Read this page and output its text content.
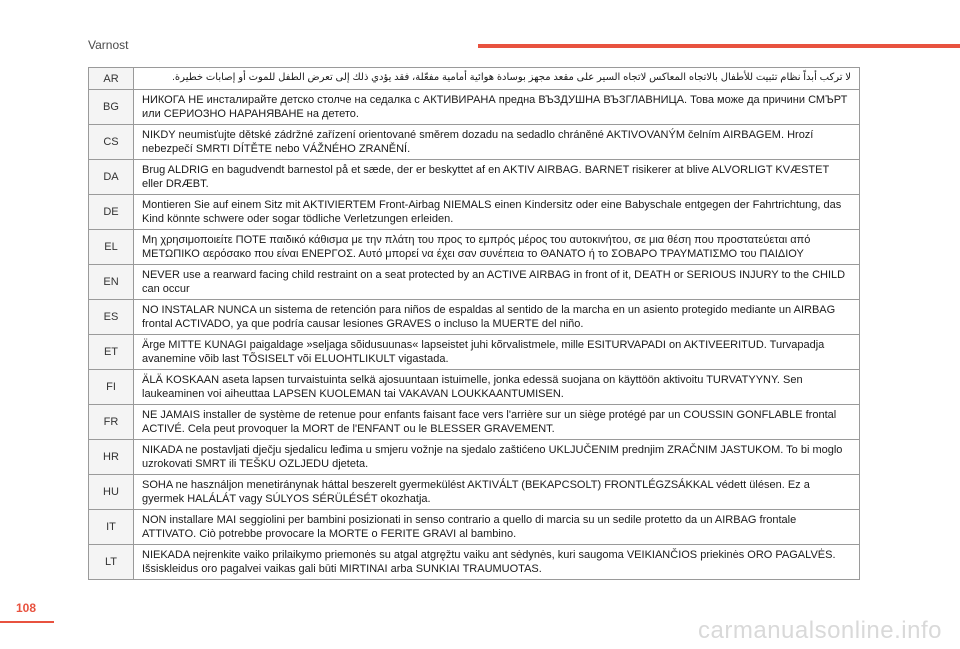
Varnost
AR	لا تركب أبداً نظام تثبيت للأطفال بالاتجاه المعاكس لاتجاه السير على مقعد مجهز بوسادة هوائية أمامية مفعّلة، فقد يؤدي ذلك إلى تعرض الطفل للموت أو إصابات خطيرة.
BG	НИКОГА НЕ инсталирайте детско столче на седалка с АКТИВИРАНА предна ВЪЗДУШНА ВЪЗГЛАВНИЦА. Това може да причини СМЪРТ или СЕРИОЗНО НАРАНЯВАНЕ на детето.
CS	NIKDY neumisťujte dětské zádržné zařízení orientované směrem dozadu na sedadlo chráněné AKTIVOVANÝM čelním AIRBAGEM. Hrozí nebezpečí SMRTI DÍTĚTE nebo VÁŽNÉHO ZRANĚNÍ.
DA	Brug ALDRIG en bagudvendt barnestol på et sæde, der er beskyttet af en AKTIV AIRBAG. BARNET risikerer at blive ALVORLIGT KVÆSTET eller DRÆBT.
DE	Montieren Sie auf einem Sitz mit AKTIVIERTEM Front-Airbag NIEMALS einen Kindersitz oder eine Babyschale entgegen der Fahrtrichtung, das Kind könnte schwere oder sogar tödliche Verletzungen erleiden.
EL	Μη χρησιμοποιείτε ΠΟΤΕ παιδικό κάθισμα με την πλάτη του προς το εμπρός μέρος του αυτοκινήτου, σε μια θέση που προστατεύεται από ΜΕΤΩΠΙΚΟ αερόσακο που είναι ΕΝΕΡΓΟΣ. Αυτό μπορεί να έχει σαν συνέπεια το ΘΑΝΑΤΟ ή το ΣΟΒΑΡΟ ΤΡΑΥΜΑΤΙΣΜΟ του ΠΑΙΔΙΟΥ
EN	NEVER use a rearward facing child restraint on a seat protected by an ACTIVE AIRBAG in front of it, DEATH or SERIOUS INJURY to the CHILD can occur
ES	NO INSTALAR NUNCA un sistema de retención para niños de espaldas al sentido de la marcha en un asiento protegido mediante un AIRBAG frontal ACTIVADO, ya que podría causar lesiones GRAVES o incluso la MUERTE del niño.
ET	Ärge MITTE KUNAGI paigaldage »seljaga sõidusuunas« lapseistet juhi kõrvalistmele, mille ESITURVAPADI on AKTIVEERITUD. Turvapadja avanemine võib last TÕSISELT või ELUOHTLIKULT vigastada.
FI	ÄLÄ KOSKAAN aseta lapsen turvaistuinta selkä ajosuuntaan istuimelle, jonka edessä suojana on käyttöön aktivoitu TURVATYYNY. Sen laukeaminen voi aiheuttaa LAPSEN KUOLEMAN tai VAKAVAN LOUKKAANTUMISEN.
FR	NE JAMAIS installer de système de retenue pour enfants faisant face vers l'arrière sur un siège protégé par un COUSSIN GONFLABLE frontal ACTIVÉ. Cela peut provoquer la MORT de l'ENFANT ou le BLESSER GRAVEMENT.
HR	NIKADA ne postavljati dječju sjedalicu leđima u smjeru vožnje na sjedalo zaštićeno UKLJUČENIM prednjim ZRAČNIM JASTUKOM. To bi moglo uzrokovati SMRT ili TEŠKU OZLJEDU djeteta.
HU	SOHA ne használjon menetiránynak háttal beszerelt gyermekülést AKTIVÁLT (BEKAPCSOLT) FRONTLÉGZSÁKKAL védett ülésen. Ez a gyermek HALÁLÁT vagy SÚLYOS SÉRÜLÉSÉT okozhatja.
IT	NON installare MAI seggiolini per bambini posizionati in senso contrario a quello di marcia su un sedile protetto da un AIRBAG frontale ATTIVATO. Ciò potrebbe provocare la MORTE o FERITE GRAVI al bambino.
LT	NIEKADA neįrenkite vaiko prilaikymo priemonės su atgal atgręžtu vaiku ant sėdynės, kuri saugoma VEIKIANČIOS priekinės ORO PAGALVĖS. Išsiskleidus oro pagalvei vaikas gali būti MIRTINAI arba SUNKIAI TRAUMUOTAS.
108
carmanualsonline.info
